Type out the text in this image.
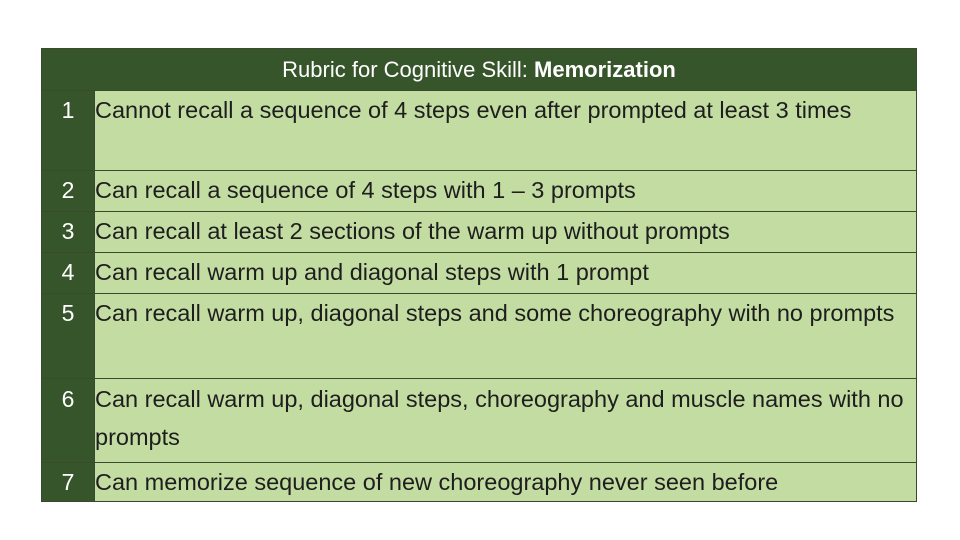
Rubric for Cognitive Skill: Memorization	
1	Cannot recall a sequence of 4 steps even after prompted at least 3 times
2	Can recall a sequence of 4 steps with 1 – 3 prompts
3	Can recall at least 2 sections of the warm up without prompts
4	Can recall warm up and diagonal steps with 1 prompt
5	Can recall warm up, diagonal steps and some choreography with no prompts
6	Can recall warm up, diagonal steps, choreography and muscle names with no prompts
7	Can memorize sequence of new choreography never seen before
